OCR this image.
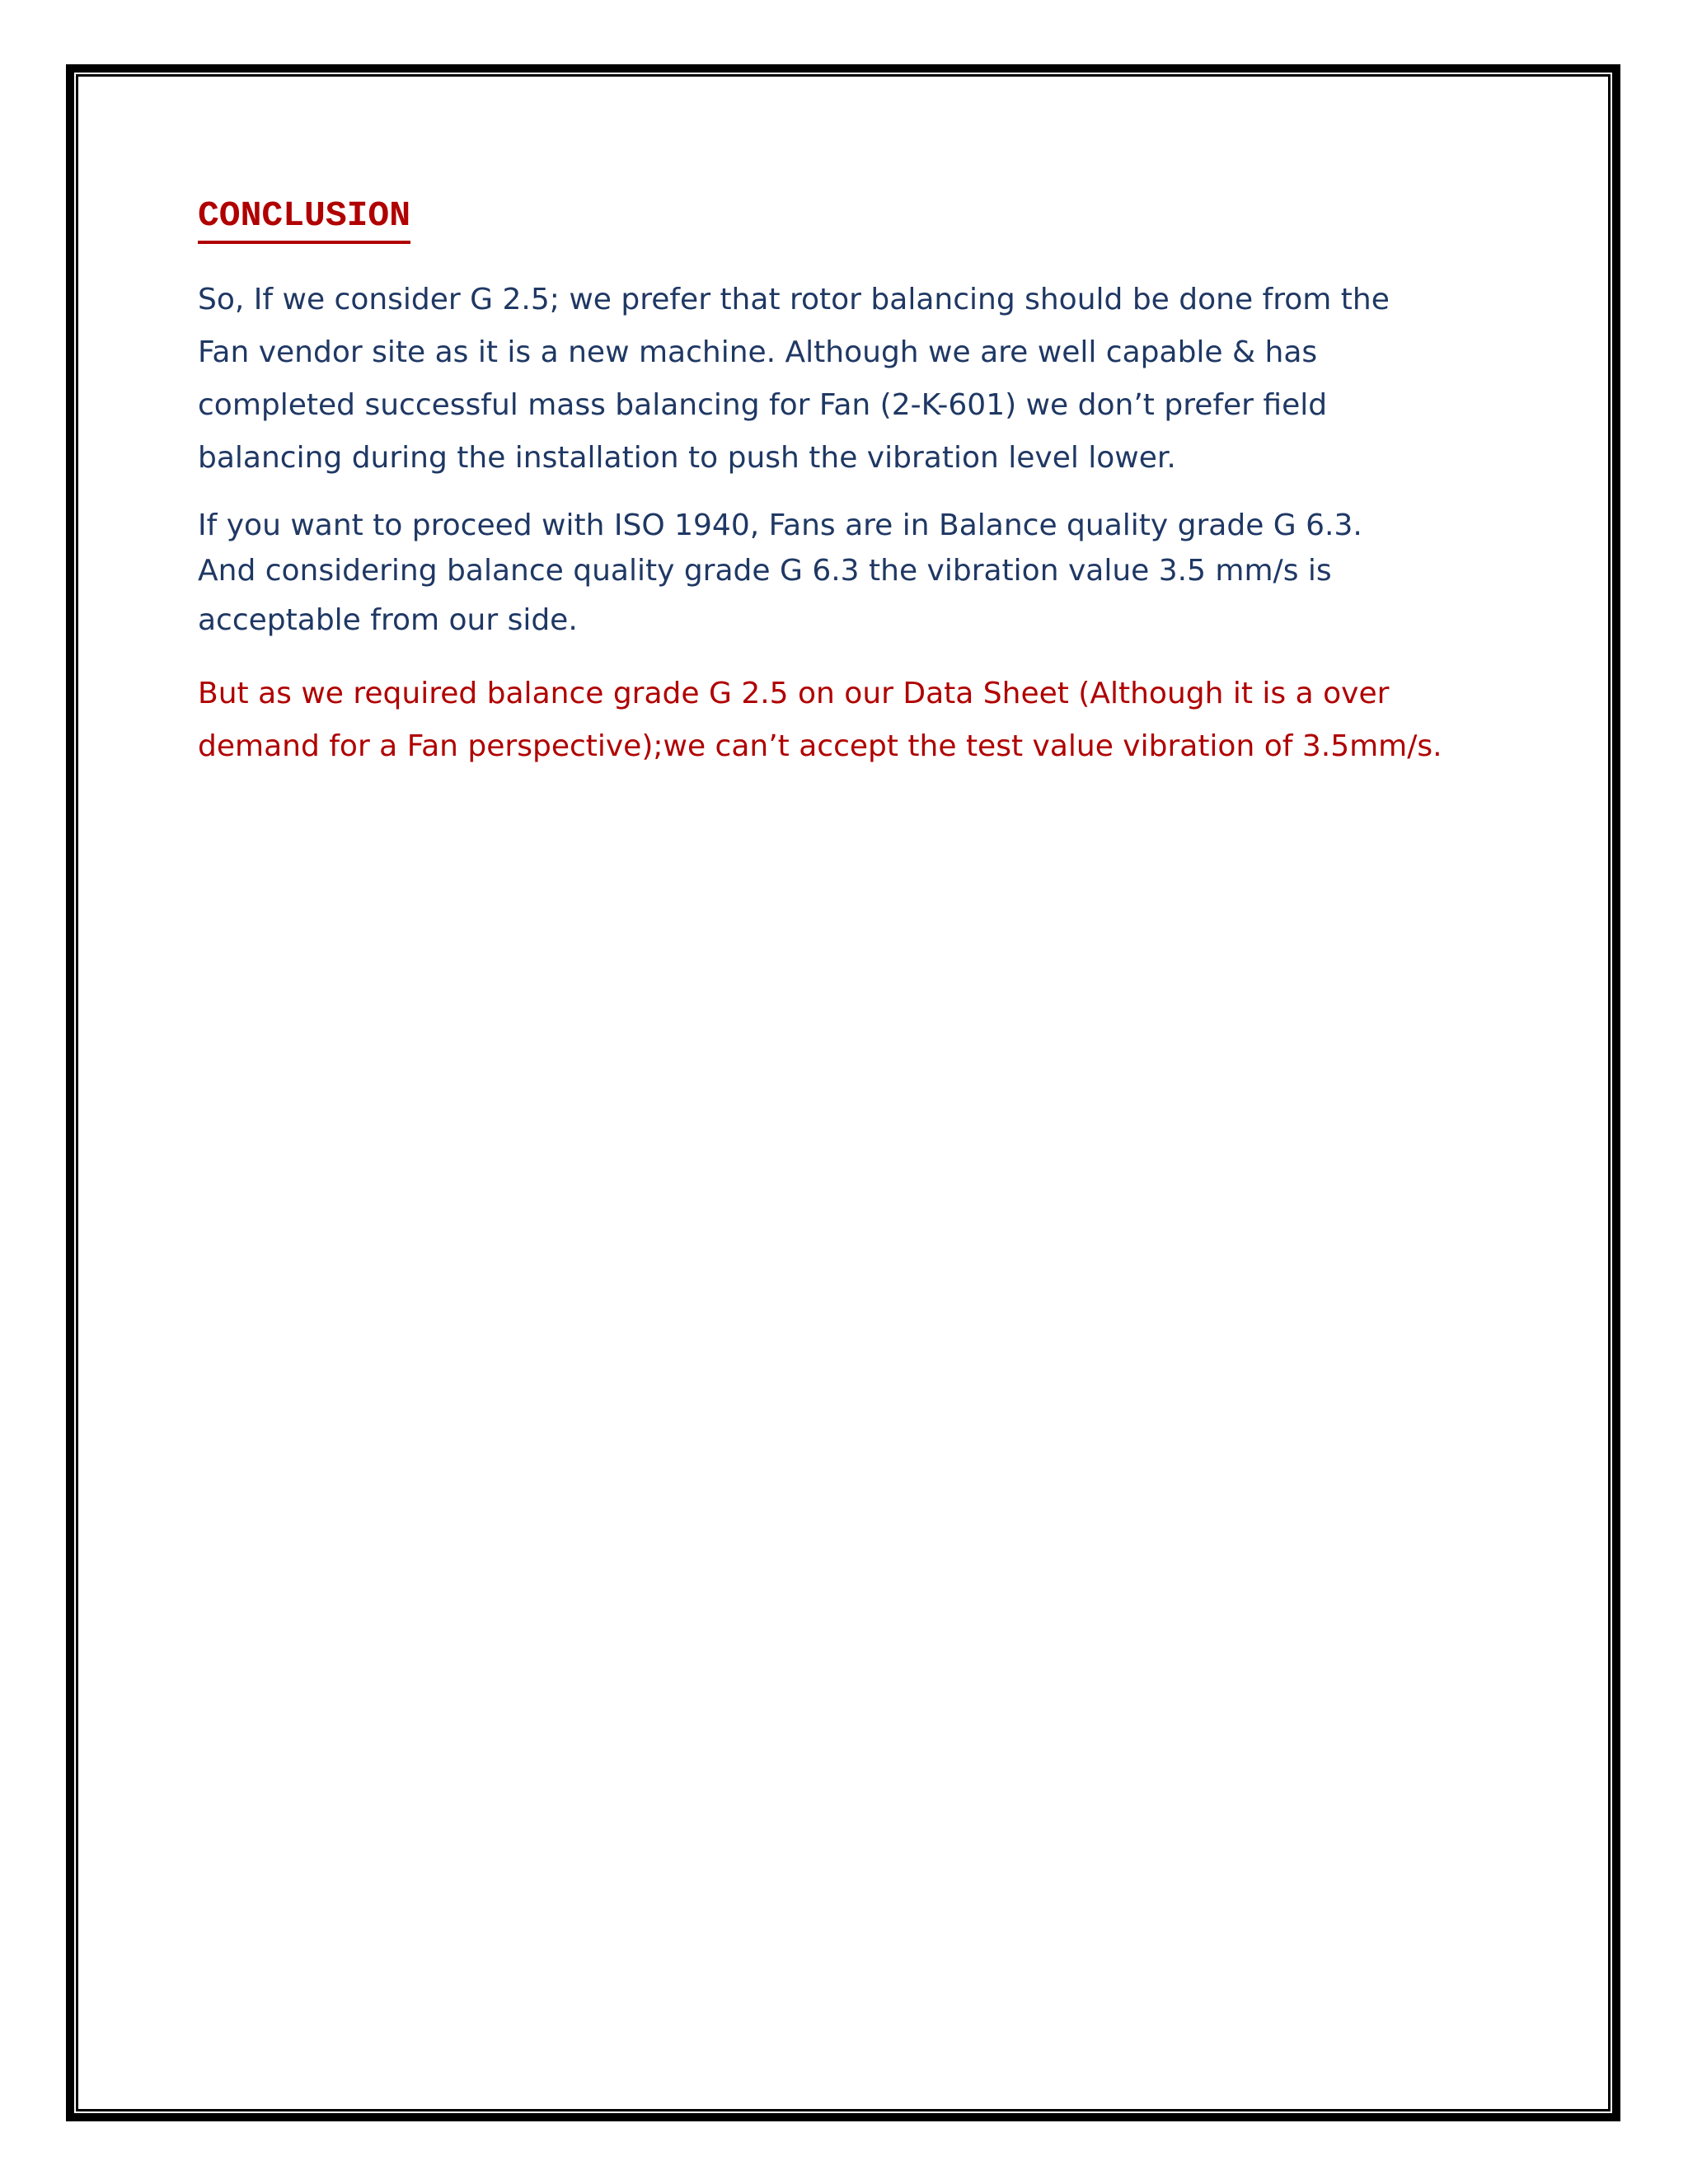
CONCLUSION

So, If we consider G 2.5; we prefer that rotor balancing should be done from the
Fan vendor site as it is a new machine. Although we are well capable & has
completed successful mass balancing for Fan (2-K-601) we don’t prefer field
balancing during the installation to push the vibration level lower.

If you want to proceed with ISO 1940, Fans are in Balance quality grade G 6.3.
And considering balance quality grade G 6.3 the vibration value 3.5 mm/s is
acceptable from our side.

But as we required balance grade G 2.5 on our Data Sheet (Although it is a over
demand for a Fan perspective);we can’t accept the test value vibration of 3.5mm/s.
